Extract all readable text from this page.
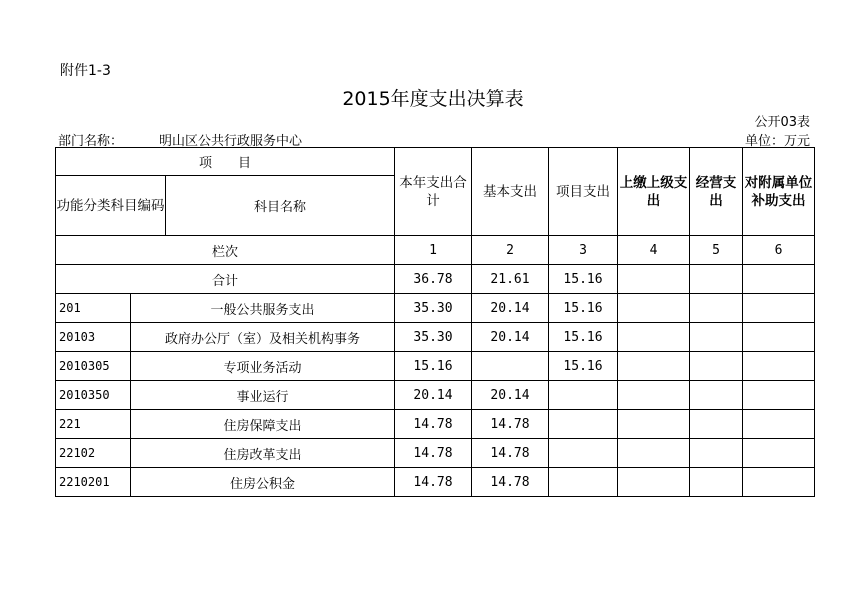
附件1-3
2015年度支出决算表
公开03表
部门名称：	明山区公共行政服务中心	单位：万元
项　　目			本年支出合计	基本支出	项目支出	上缴上级支出	经营支出	对附属单位补助支出
功能分类科目编码		科目名称						
栏次			1	2	3	4	5	6
合计			36.78	21.61	15.16			
201	一般公共服务支出		35.30	20.14	15.16			
20103	政府办公厅（室）及相关机构事务		35.30	20.14	15.16			
2010305	专项业务活动		15.16		15.16			
2010350	事业运行		20.14	20.14				
221	住房保障支出		14.78	14.78				
22102	住房改革支出		14.78	14.78				
2210201	住房公积金		14.78	14.78				
